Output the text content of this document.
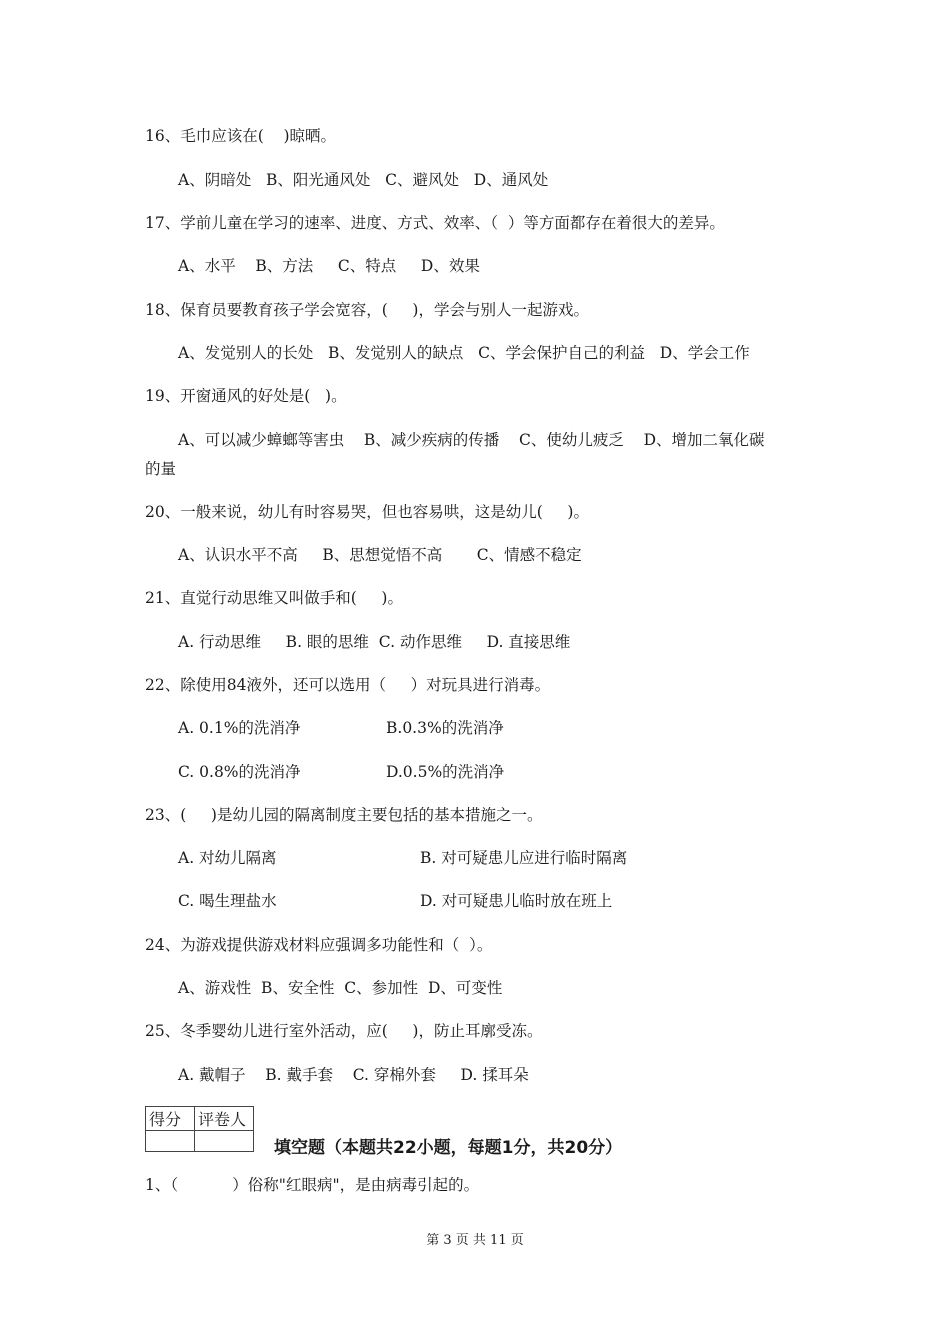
16、毛巾应该在(    )晾晒。
A、阴暗处   B、阳光通风处   C、避风处   D、通风处
17、学前儿童在学习的速率、进度、方式、效率、（  ）等方面都存在着很大的差异。
A、水平    B、方法     C、特点     D、效果
18、保育员要教育孩子学会宽容，(     )，学会与别人一起游戏。
A、发觉别人的长处   B、发觉别人的缺点   C、学会保护自己的利益   D、学会工作
19、开窗通风的好处是(   )。
A、可以减少蟑螂等害虫    B、减少疾病的传播    C、使幼儿疲乏    D、增加二氧化碳
的量
20、一般来说，幼儿有时容易哭，但也容易哄，这是幼儿(     )。
A、认识水平不高     B、思想觉悟不高       C、情感不稳定
21、直觉行动思维又叫做手和(     )。
A. 行动思维     B. 眼的思维  C. 动作思维     D. 直接思维
22、除使用84液外，还可以选用（     ）对玩具进行消毒。
A. 0.1%的洗消净	B.0.3%的洗消净
C. 0.8%的洗消净	D.0.5%的洗消净
23、(     )是幼儿园的隔离制度主要包括的基本措施之一。
A. 对幼儿隔离	B. 对可疑患儿应进行临时隔离
C. 喝生理盐水	D. 对可疑患儿临时放在班上
24、为游戏提供游戏材料应强调多功能性和（  ）。
A、游戏性  B、安全性  C、参加性  D、可变性
25、冬季婴幼儿进行室外活动，应(     )，防止耳廓受冻。
A. 戴帽子    B. 戴手套    C. 穿棉外套     D. 揉耳朵
得分	评卷人

填空题（本题共22小题，每题1分，共20分）
1、（           ）俗称"红眼病"，是由病毒引起的。
第 3 页 共 11 页
